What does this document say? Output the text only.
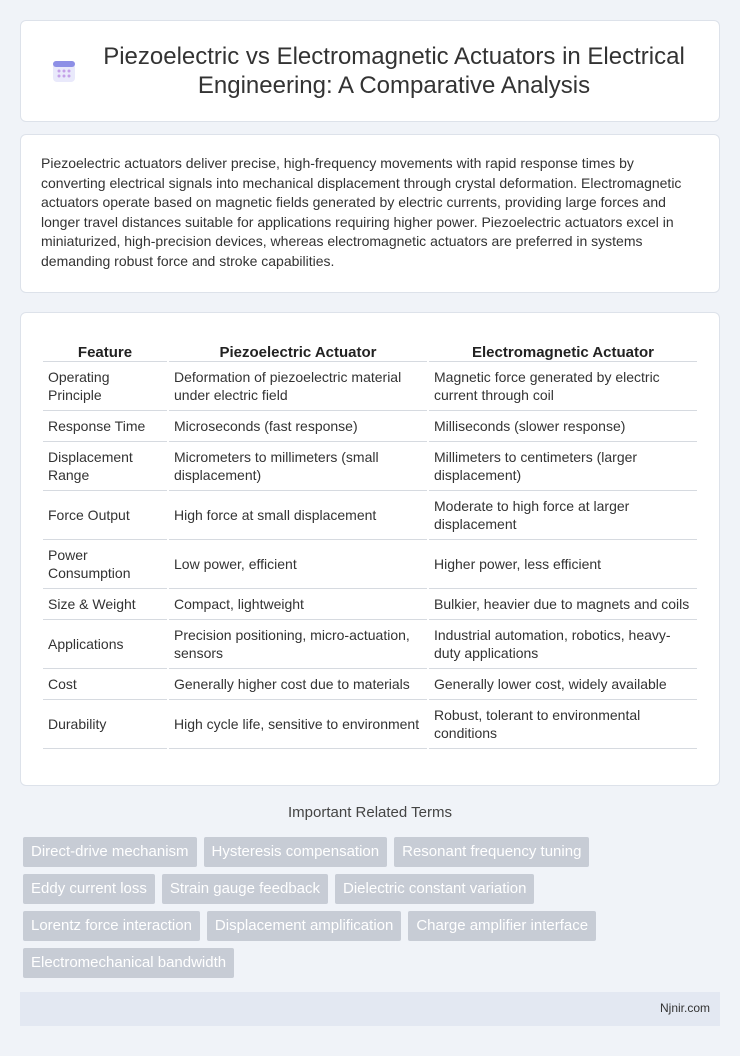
Piezoelectric vs Electromagnetic Actuators in Electrical Engineering: A Comparative Analysis

Piezoelectric actuators deliver precise, high-frequency movements with rapid response times by converting electrical signals into mechanical displacement through crystal deformation. Electromagnetic actuators operate based on magnetic fields generated by electric currents, providing large forces and longer travel distances suitable for applications requiring higher power. Piezoelectric actuators excel in miniaturized, high-precision devices, whereas electromagnetic actuators are preferred in systems demanding robust force and stroke capabilities.

Feature	Piezoelectric Actuator	Electromagnetic Actuator
Operating Principle	Deformation of piezoelectric material under electric field	Magnetic force generated by electric current through coil
Response Time	Microseconds (fast response)	Milliseconds (slower response)
Displacement Range	Micrometers to millimeters (small displacement)	Millimeters to centimeters (larger displacement)
Force Output	High force at small displacement	Moderate to high force at larger displacement
Power Consumption	Low power, efficient	Higher power, less efficient
Size & Weight	Compact, lightweight	Bulkier, heavier due to magnets and coils
Applications	Precision positioning, micro-actuation, sensors	Industrial automation, robotics, heavy-duty applications
Cost	Generally higher cost due to materials	Generally lower cost, widely available
Durability	High cycle life, sensitive to environment	Robust, tolerant to environmental conditions
Important Related Terms
Direct-drive mechanism	Hysteresis compensation	Resonant frequency tuning
Eddy current loss	Strain gauge feedback	Dielectric constant variation
Lorentz force interaction	Displacement amplification	Charge amplifier interface
Electromechanical bandwidth
Njnir.com
